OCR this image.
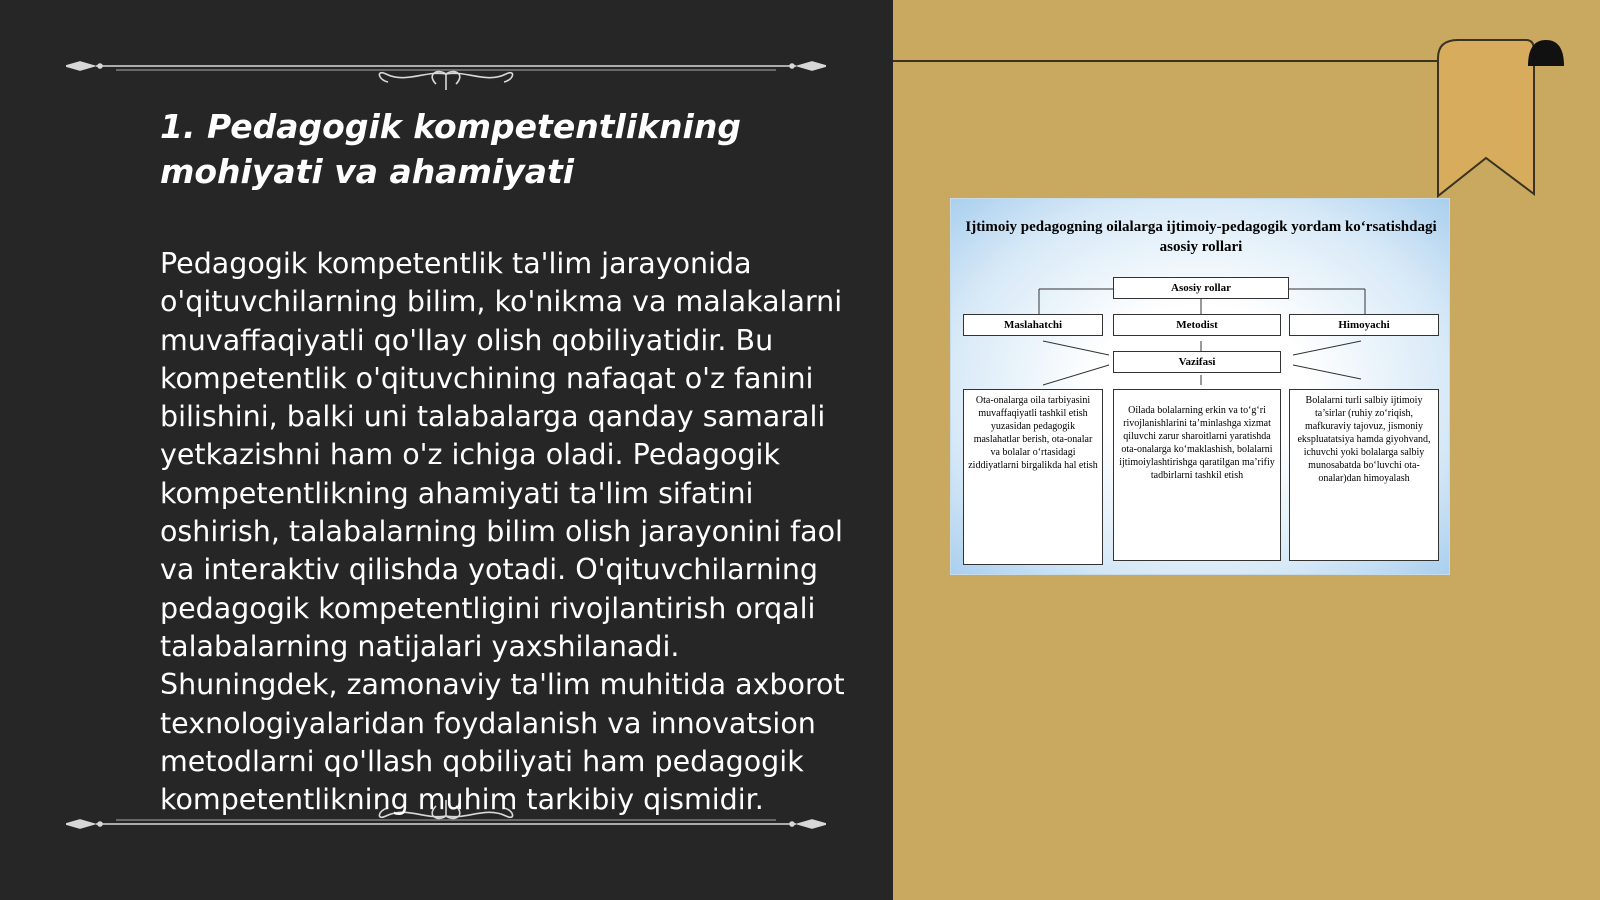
1. Pedagogik kompetentlikning mohiyati va ahamiyati

Pedagogik kompetentlik ta'lim jarayonida o'qituvchilarning bilim, ko'nikma va malakalarni muvaffaqiyatli qo'llay olish qobiliyatidir. Bu kompetentlik o'qituvchining nafaqat o'z fanini bilishini, balki uni talabalarga qanday samarali yetkazishni ham o'z ichiga oladi. Pedagogik kompetentlikning ahamiyati ta'lim sifatini oshirish, talabalarning bilim olish jarayonini faol va interaktiv qilishda yotadi. O'qituvchilarning pedagogik kompetentligini rivojlantirish orqali talabalarning natijalari yaxshilanadi. Shuningdek, zamonaviy ta'lim muhitida axborot texnologiyalaridan foydalanish va innovatsion metodlarni qo'llash qobiliyati ham pedagogik kompetentlikning muhim tarkibiy qismidir.

Ijtimoiy pedagogning oilalarga ijtimoiy-pedagogik yordam ko‘rsatishdagi asosiy rollari

Asosiy rollar
Maslahatchi	Metodist	Himoyachi
Vazifasi
Ota-onalarga oila tarbiyasini muvaffaqiyatli tashkil etish yuzasidan pedagogik maslahatlar berish, ota-onalar va bolalar o‘rtasidagi ziddiyatlarni birgalikda hal etish
Oilada bolalarning erkin va to‘g‘ri rivojlanishlarini ta’minlashga xizmat qiluvchi zarur sharoitlarni yaratishda ota-onalarga ko‘maklashish, bolalarni ijtimoiylashtirishga qaratilgan ma’rifiy tadbirlarni tashkil etish
Bolalarni turli salbiy ijtimoiy ta’sirlar (ruhiy zo‘riqish, mafkuraviy tajovuz, jismoniy ekspluatatsiya hamda giyohvand, ichuvchi yoki bolalarga salbiy munosabatda bo‘luvchi ota-onalar)dan himoyalash
